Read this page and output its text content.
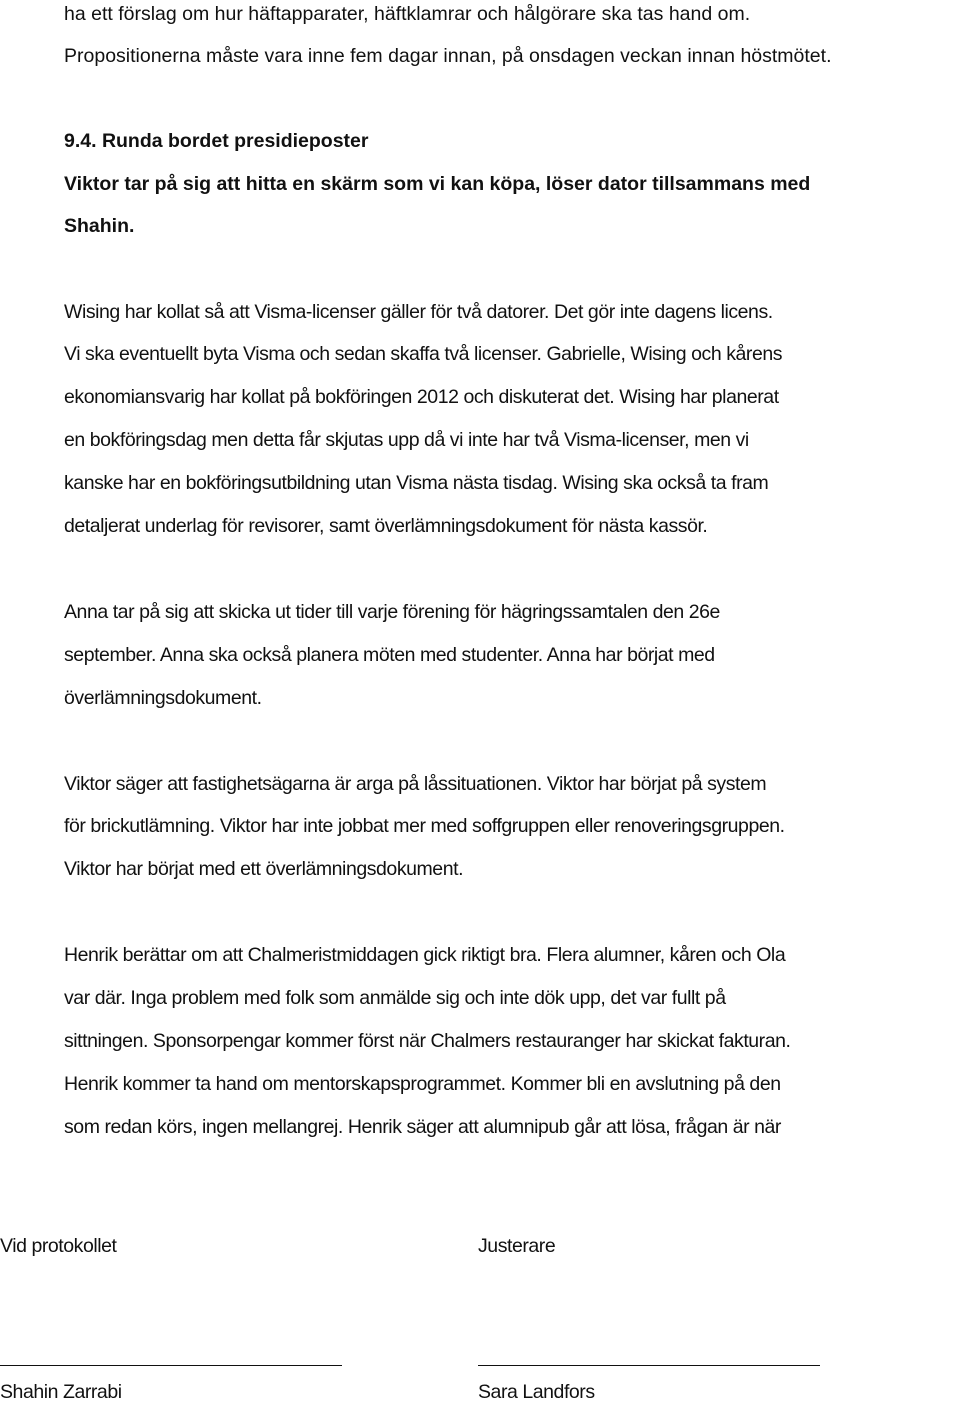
ha ett förslag om hur häftapparater, häftklamrar och hålgörare ska tas hand om.
Propositionerna måste vara inne fem dagar innan, på onsdagen veckan innan höstmötet.
9.4. Runda bordet presidieposter
Viktor tar på sig att hitta en skärm som vi kan köpa, löser dator tillsammans med
Shahin.
Wising har kollat så att Visma-licenser gäller för två datorer. Det gör inte dagens licens.
Vi ska eventuellt byta Visma och sedan skaffa två licenser. Gabrielle, Wising och kårens
ekonomiansvarig har kollat på bokföringen 2012 och diskuterat det. Wising har planerat
en bokföringsdag men detta får skjutas upp då vi inte har två Visma-licenser, men vi
kanske har en bokföringsutbildning utan Visma nästa tisdag. Wising ska också ta fram
detaljerat underlag för revisorer, samt överlämningsdokument för nästa kassör.
Anna tar på sig att skicka ut tider till varje förening för hägringssamtalen den 26e
september. Anna ska också planera möten med studenter. Anna har börjat med
överlämningsdokument.
Viktor säger att fastighetsägarna är arga på låssituationen. Viktor har börjat på system
för brickutlämning. Viktor har inte jobbat mer med soffgruppen eller renoveringsgruppen.
Viktor har börjat med ett överlämningsdokument.
Henrik berättar om att Chalmeristmiddagen gick riktigt bra. Flera alumner, kåren och Ola
var där. Inga problem med folk som anmälde sig och inte dök upp, det var fullt på
sittningen. Sponsorpengar kommer först när Chalmers restauranger har skickat fakturan.
Henrik kommer ta hand om mentorskapsprogrammet. Kommer bli en avslutning på den
som redan körs, ingen mellangrej. Henrik säger att alumnipub går att lösa, frågan är när
Vid protokollet	Justerare
Shahin Zarrabi	Sara Landfors
